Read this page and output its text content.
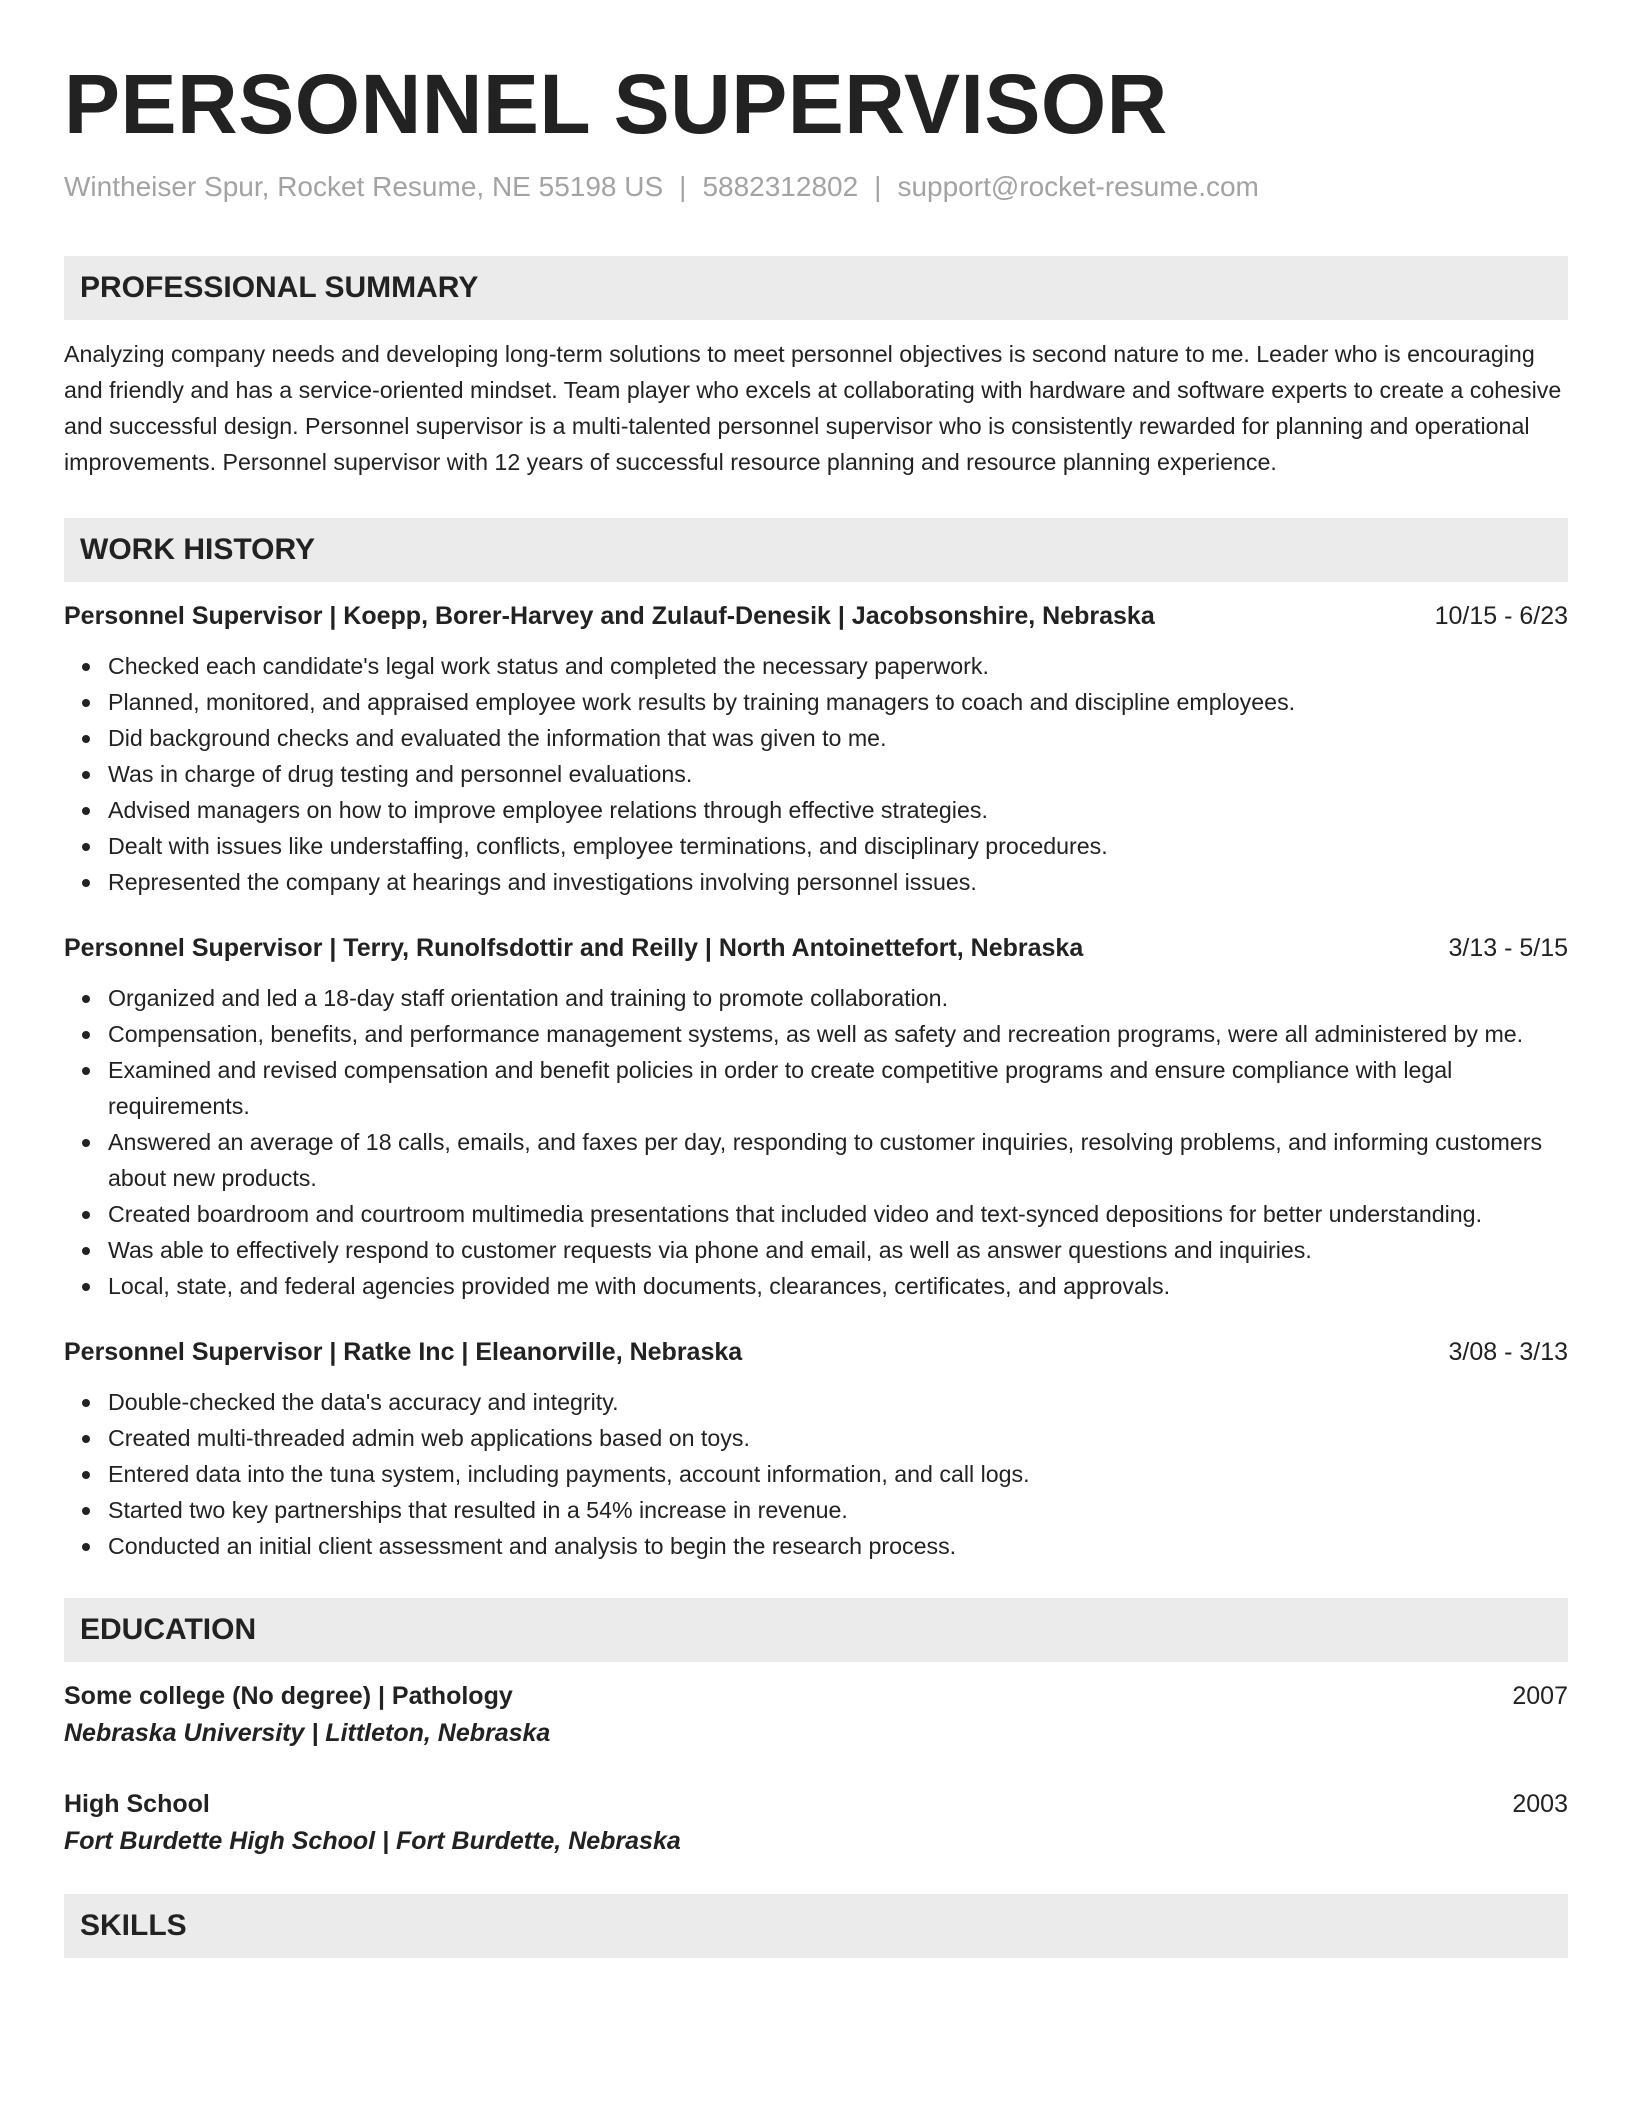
PERSONNEL SUPERVISOR
Wintheiser Spur, Rocket Resume, NE 55198 US | 5882312802 | support@rocket-resume.com
PROFESSIONAL SUMMARY
Analyzing company needs and developing long-term solutions to meet personnel objectives is second nature to me. Leader who is encouraging and friendly and has a service-oriented mindset. Team player who excels at collaborating with hardware and software experts to create a cohesive and successful design. Personnel supervisor is a multi-talented personnel supervisor who is consistently rewarded for planning and operational improvements. Personnel supervisor with 12 years of successful resource planning and resource planning experience.
WORK HISTORY
Personnel Supervisor | Koepp, Borer-Harvey and Zulauf-Denesik | Jacobsonshire, Nebraska	10/15 - 6/23
Checked each candidate's legal work status and completed the necessary paperwork.
Planned, monitored, and appraised employee work results by training managers to coach and discipline employees.
Did background checks and evaluated the information that was given to me.
Was in charge of drug testing and personnel evaluations.
Advised managers on how to improve employee relations through effective strategies.
Dealt with issues like understaffing, conflicts, employee terminations, and disciplinary procedures.
Represented the company at hearings and investigations involving personnel issues.
Personnel Supervisor | Terry, Runolfsdottir and Reilly | North Antoinettefort, Nebraska	3/13 - 5/15
Organized and led a 18-day staff orientation and training to promote collaboration.
Compensation, benefits, and performance management systems, as well as safety and recreation programs, were all administered by me.
Examined and revised compensation and benefit policies in order to create competitive programs and ensure compliance with legal requirements.
Answered an average of 18 calls, emails, and faxes per day, responding to customer inquiries, resolving problems, and informing customers about new products.
Created boardroom and courtroom multimedia presentations that included video and text-synced depositions for better understanding.
Was able to effectively respond to customer requests via phone and email, as well as answer questions and inquiries.
Local, state, and federal agencies provided me with documents, clearances, certificates, and approvals.
Personnel Supervisor | Ratke Inc | Eleanorville, Nebraska	3/08 - 3/13
Double-checked the data's accuracy and integrity.
Created multi-threaded admin web applications based on toys.
Entered data into the tuna system, including payments, account information, and call logs.
Started two key partnerships that resulted in a 54% increase in revenue.
Conducted an initial client assessment and analysis to begin the research process.
EDUCATION
Some college (No degree) | Pathology	2007
Nebraska University | Littleton, Nebraska
High School	2003
Fort Burdette High School | Fort Burdette, Nebraska
SKILLS
